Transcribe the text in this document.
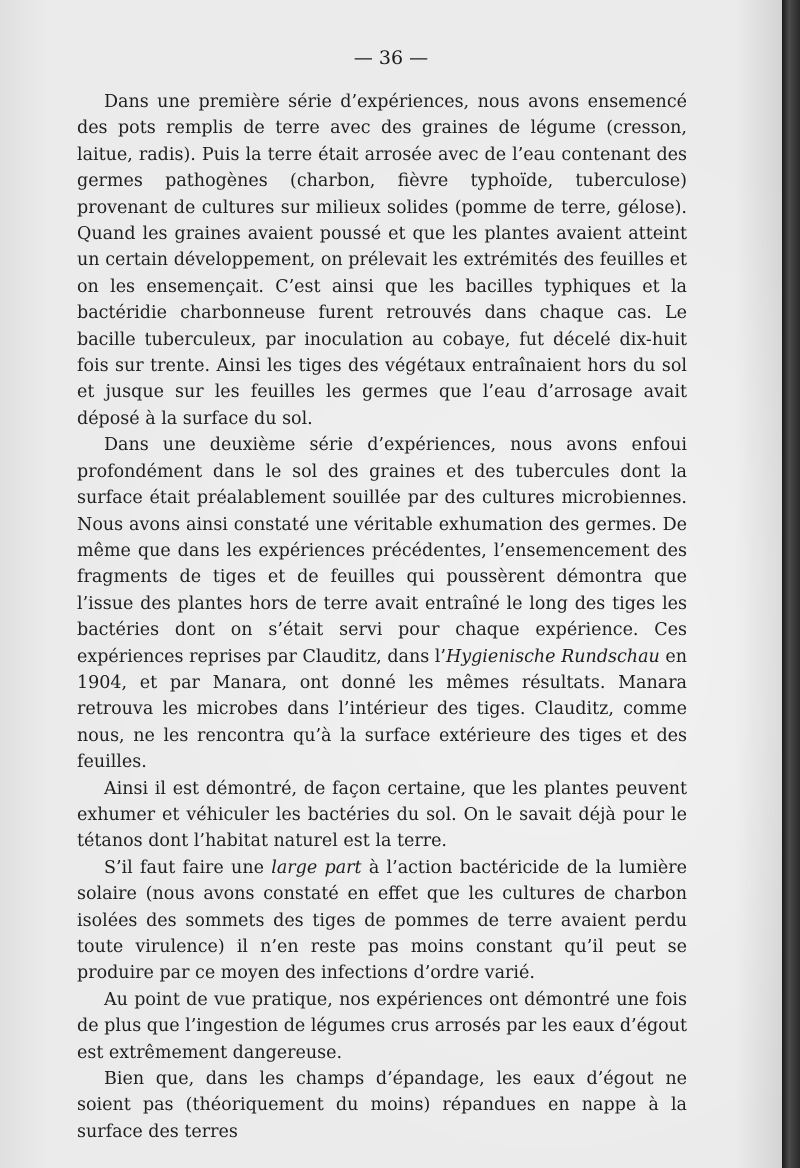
— 36 —

Dans une première série d’expériences, nous avons ensemencé des pots remplis de terre avec des graines de légume (cresson, laitue, radis). Puis la terre était arrosée avec de l’eau contenant des germes pathogènes (charbon, fièvre typhoïde, tuberculose) provenant de cultures sur milieux solides (pomme de terre, gélose). Quand les graines avaient poussé et que les plantes avaient atteint un certain développement, on prélevait les extrémités des feuilles et on les ensemençait. C’est ainsi que les bacilles typhiques et la bactéridie charbonneuse furent retrouvés dans chaque cas. Le bacille tuberculeux, par inoculation au cobaye, fut décelé dix-huit fois sur trente. Ainsi les tiges des végétaux entraînaient hors du sol et jusque sur les feuilles les germes que l’eau d’arrosage avait déposé à la surface du sol.

Dans une deuxième série d’expériences, nous avons enfoui profondément dans le sol des graines et des tubercules dont la surface était préalablement souillée par des cultures microbiennes. Nous avons ainsi constaté une véritable exhumation des germes. De même que dans les expériences précédentes, l’ensemencement des fragments de tiges et de feuilles qui poussèrent démontra que l’issue des plantes hors de terre avait entraîné le long des tiges les bactéries dont on s’était servi pour chaque expérience. Ces expériences reprises par Clauditz, dans l’Hygienische Rundschau en 1904, et par Manara, ont donné les mêmes résultats. Manara retrouva les microbes dans l’intérieur des tiges. Clauditz, comme nous, ne les rencontra qu’à la surface extérieure des tiges et des feuilles.

Ainsi il est démontré, de façon certaine, que les plantes peuvent exhumer et véhiculer les bactéries du sol. On le savait déjà pour le tétanos dont l’habitat naturel est la terre.

S’il faut faire une large part à l’action bactéricide de la lumière solaire (nous avons constaté en effet que les cultures de charbon isolées des sommets des tiges de pommes de terre avaient perdu toute virulence) il n’en reste pas moins constant qu’il peut se produire par ce moyen des infections d’ordre varié.

Au point de vue pratique, nos expériences ont démontré une fois de plus que l’ingestion de légumes crus arrosés par les eaux d’égout est extrêmement dangereuse.

Bien que, dans les champs d’épandage, les eaux d’égout ne soient pas (théoriquement du moins) répandues en nappe à la surface des terres
